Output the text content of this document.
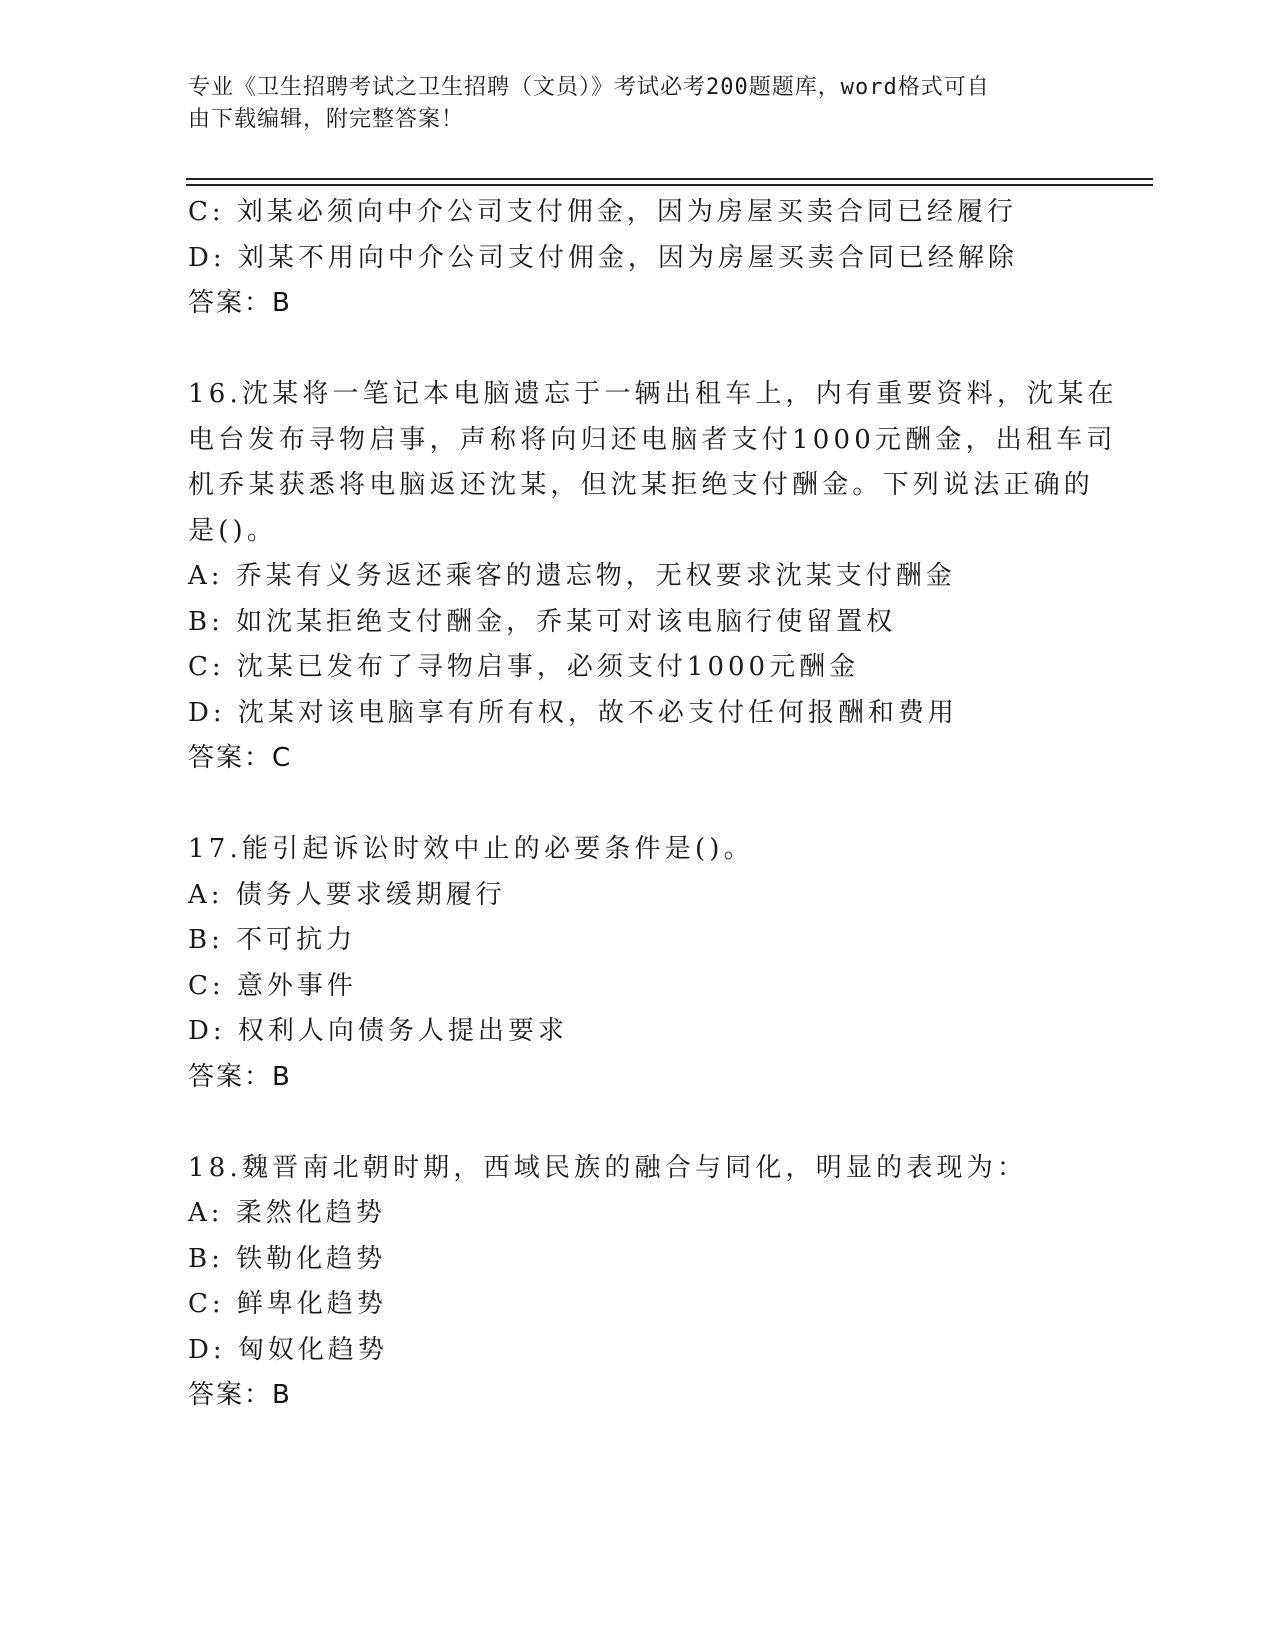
专业《卫生招聘考试之卫生招聘（文员）》考试必考200题题库，word格式可自
由下载编辑，附完整答案！
C: 刘某必须向中介公司支付佣金，因为房屋买卖合同已经履行
D: 刘某不用向中介公司支付佣金，因为房屋买卖合同已经解除
答案：B
16.沈某将一笔记本电脑遗忘于一辆出租车上，内有重要资料，沈某在
电台发布寻物启事，声称将向归还电脑者支付1000元酬金，出租车司
机乔某获悉将电脑返还沈某，但沈某拒绝支付酬金。下列说法正确的
是()。
A: 乔某有义务返还乘客的遗忘物，无权要求沈某支付酬金
B: 如沈某拒绝支付酬金，乔某可对该电脑行使留置权
C: 沈某已发布了寻物启事，必须支付1000元酬金
D: 沈某对该电脑享有所有权，故不必支付任何报酬和费用
答案：C
17.能引起诉讼时效中止的必要条件是()。
A: 债务人要求缓期履行
B: 不可抗力
C: 意外事件
D: 权利人向债务人提出要求
答案：B
18.魏晋南北朝时期，西域民族的融合与同化，明显的表现为：
A: 柔然化趋势
B: 铁勒化趋势
C: 鲜卑化趋势
D: 匈奴化趋势
答案：B
